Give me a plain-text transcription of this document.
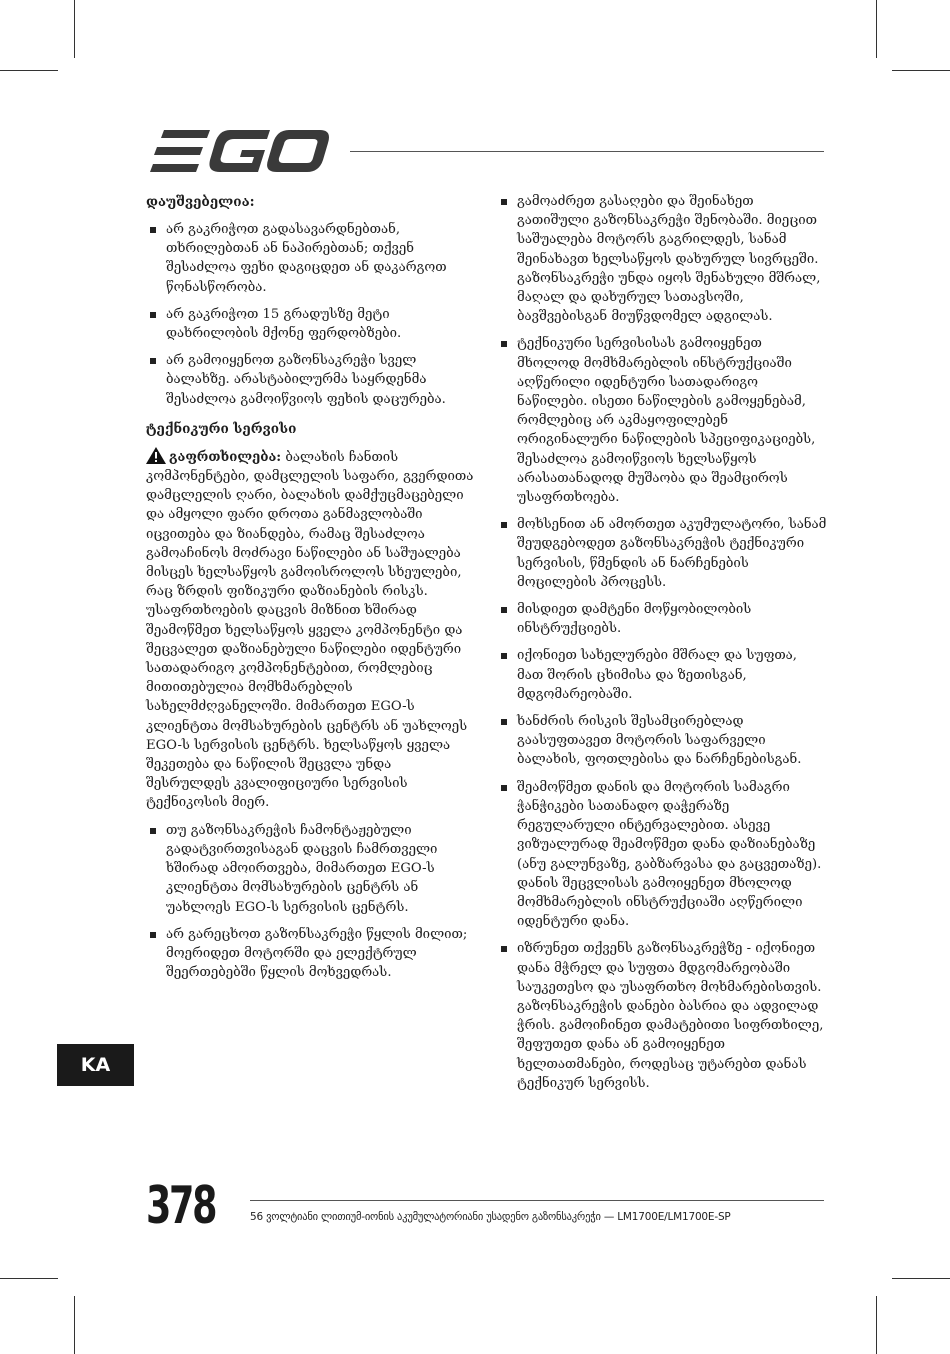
დაუშვებელია:

არ გაკრიჭოთ გადასავარდნებთან, თხრილებთან ან ნაპირებთან; თქვენ შესაძლოა ფეხი დაგიცდეთ ან დაკარგოთ წონასწორობა.
არ გაკრიჭოთ 15 გრადუსზე მეტი დახრილობის მქონე ფერდობზები.
არ გამოიყენოთ გაზონსაკრეჭი სველ ბალახზე. არასტაბილურმა საყრდენმა შესაძლოა გამოიწვიოს ფეხის დაცურება.

ტექნიკური სერვისი

გაფრთხილება: ბალახის ჩანთის კომპონენტები, დამცლელის საფარი, გვერდითა დამცლელის ღარი, ბალახის დამქუცმაცებელი და ამყოლი ფარი დროთა განმავლობაში იცვითება და ზიანდება, რამაც შესაძლოა გამოაჩინოს მოძრავი ნაწილები ან საშუალება მისცეს ხელსაწყოს გამოისროლოს სხეულები, რაც ზრდის ფიზიკური დაზიანების რისკს. უსაფრთხოების დაცვის მიზნით ხშირად შეამოწმეთ ხელსაწყოს ყველა კომპონენტი და შეცვალეთ დაზიანებული ნაწილები იდენტური სათადარიგო კომპონენტებით, რომლებიც მითითებულია მომხმარებლის სახელმძღვანელოში. მიმართეთ EGO-ს კლიენტთა მომსახურების ცენტრს ან უახლოეს EGO-ს სერვისის ცენტრს. ხელსაწყოს ყველა შეკეთება და ნაწილის შეცვლა უნდა შესრულდეს კვალიფიციური სერვისის ტექნიკოსის მიერ.

თუ გაზონსაკრეჭის ჩამონტაჟებული გადატვირთვისაგან დაცვის ჩამრთველი ხშირად ამოირთვება, მიმართეთ EGO-ს კლიენტთა მომსახურების ცენტრს ან უახლოეს EGO-ს სერვისის ცენტრს.
არ გარეცხოთ გაზონსაკრეჭი წყლის მილით; მოერიდეთ მოტორში და ელექტრულ შეერთებებში წყლის მოხვედრას.
გამოაძრეთ გასაღები და შეინახეთ გათიშული გაზონსაკრეჭი შენობაში. მიეცით საშუალება მოტორს გაგრილდეს, სანამ შეინახავთ ხელსაწყოს დახურულ სივრცეში. გაზონსაკრეჭი უნდა იყოს შენახული მშრალ, მაღალ და დახურულ სათავსოში, ბავშვებისგან მიუწვდომელ ადგილას.
ტექნიკური სერვისისას გამოიყენეთ მხოლოდ მომხმარებლის ინსტრუქციაში აღწერილი იდენტური სათადარიგო ნაწილები. ისეთი ნაწილების გამოყენებამ, რომლებიც არ აკმაყოფილებენ ორიგინალური ნაწილების სპეციფიკაციებს, შესაძლოა გამოიწვიოს ხელსაწყოს არასათანადოდ მუშაობა და შეამციროს უსაფრთხოება.
მოხსენით ან ამორთეთ აკუმულატორი, სანამ შეუდგებოდეთ გაზონსაკრეჭის ტექნიკური სერვისის, წმენდის ან ნარჩენების მოცილების პროცესს.
მისდიეთ დამტენი მოწყობილობის ინსტრუქციებს.
იქონიეთ სახელურები მშრალ და სუფთა, მათ შორის ცხიმისა და ზეთისგან, მდგომარეობაში.
ხანძრის რისკის შესამცირებლად გაასუფთავეთ მოტორის საფარველი ბალახის, ფოთლებისა და ნარჩენებისგან.
შეამოწმეთ დანის და მოტორის სამაგრი ჭანჭიკები სათანადო დაჭერაზე რეგულარული ინტერვალებით. ასევე ვიზუალურად შეამოწმეთ დანა დაზიანებაზე (ანუ გალუნვაზე, გაბზარვასა და გაცვეთაზე). დანის შეცვლისას გამოიყენეთ მხოლოდ მომხმარებლის ინსტრუქციაში აღწერილი იდენტური დანა.
იზრუნეთ თქვენს გაზონსაკრეჭზე - იქონიეთ დანა მჭრელ და სუფთა მდგომარეობაში საუკეთესო და უსაფრთხო მოხმარებისთვის. გაზონსაკრეჭის დანები ბასრია და ადვილად ჭრის. გამოიჩინეთ დამატებითი სიფრთხილე, შეფუთეთ დანა ან გამოიყენეთ ხელთათმანები, როდესაც უტარებთ დანას ტექნიკურ სერვისს.
KA
378	56 ვოლტიანი ლითიუმ-იონის აკუმულატორიანი უსადენო გაზონსაკრეჭი — LM1700E/LM1700E-SP
